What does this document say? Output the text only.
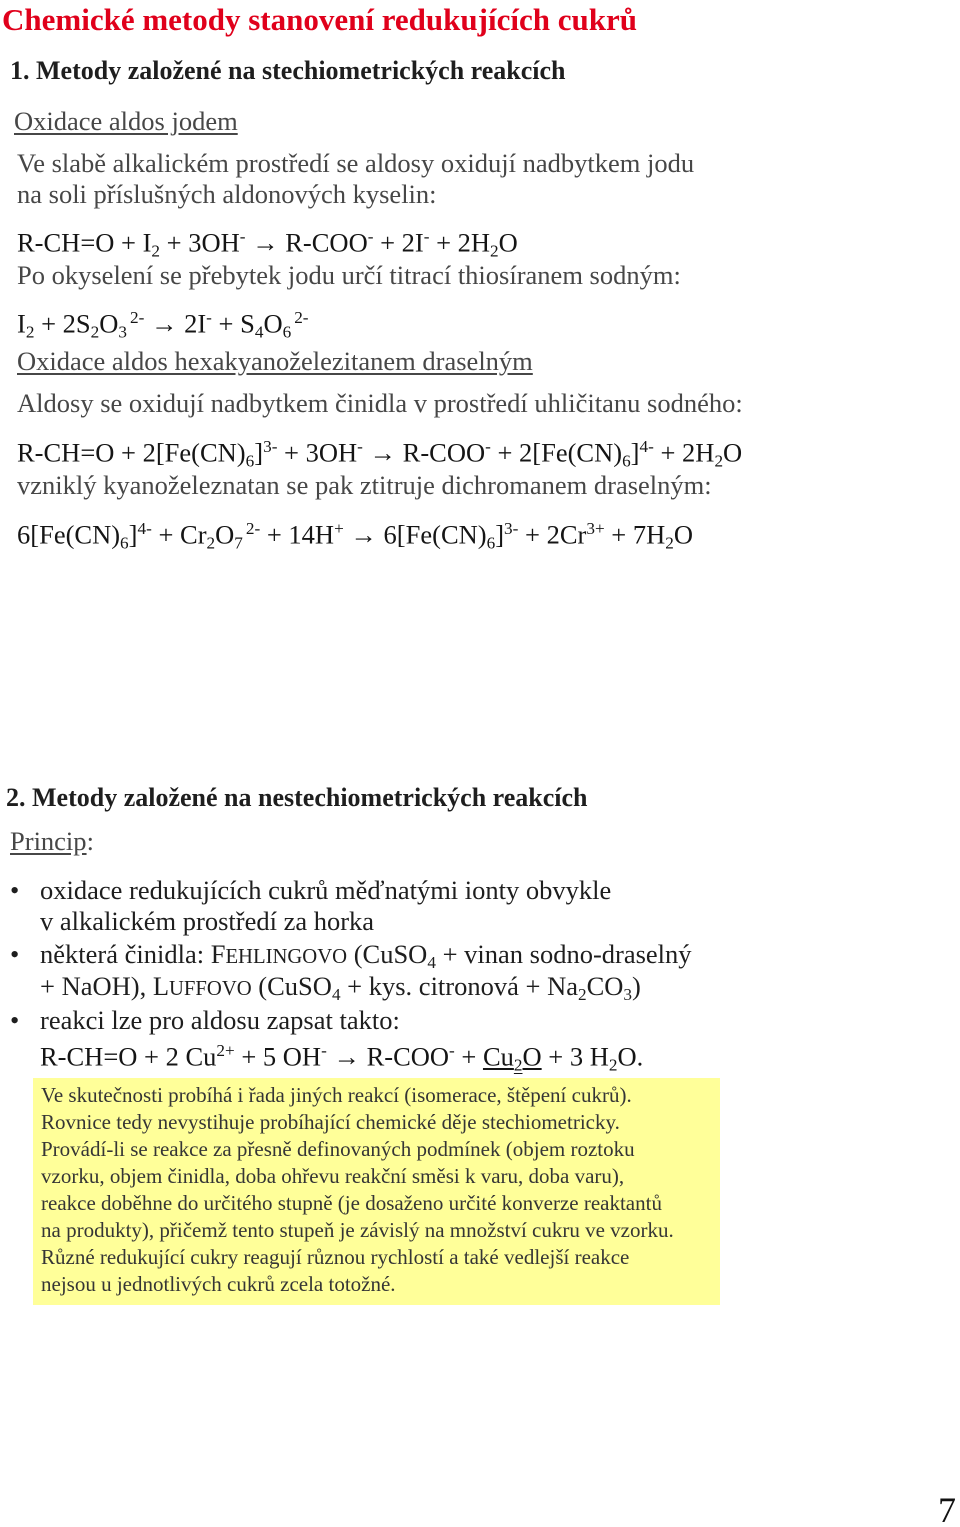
Chemické metody stanovení redukujících cukrů
1. Metody založené na stechiometrických reakcích
Oxidace aldos jodem
Ve slabě alkalickém prostředí se aldosy oxidují nadbytkem jodu
na soli příslušných aldonových kyselin:
$R-CH=O + I_2 + 3OH^- \to R-COO^- + 2I^- + 2H_2O$
Po okyselení se přebytek jodu určí titrací thiosíranem sodným:
$I_2 + 2S_2O_3^{2-} \to 2I^- + S_4O_6^{2-}$
Oxidace aldos hexakyanoželezitanem draselným
Aldosy se oxidují nadbytkem činidla v prostředí uhličitanu sodného:
$R-CH=O + 2[Fe(CN)_6]^{3-} + 3OH^- \to R-COO^- + 2[Fe(CN)_6]^{4-} + 2H_2O$
vzniklý kyanoželeznatan se pak ztitruje dichromanem draselným:
$6[Fe(CN)_6]^{4-} + Cr_2O_7^{2-} + 14H^+ \to 6[Fe(CN)_6]^{3-} + 2Cr^{3+} + 7H_2O$
2. Metody založené na nestechiometrických reakcích
Princip:
• oxidace redukujících cukrů měďnatými ionty obvykle
v alkalickém prostředí za horka
• některá činidla: FEHLINGOVO (CuSO$_4$ + vinan sodno-draselný
+ NaOH), LUFFOVO (CuSO$_4$ + kys. citronová + $Na_2CO_3$)
• reakci lze pro aldosu zapsat takto:
R-CH=O + 2 $Cu^{2+} + 5$ $OH^- \to R-COO^- + Cu_2O + 3$ $H_2O$.
Ve skutečnosti probíhá i řada jiných reakcí (isomerace, štěpení cukrů).
Rovnice tedy nevystihuje probíhající chemické děje stechiometricky.
Provádí-li se reakce za přesně definovaných podmínek (objem roztoku
vzorku, objem činidla, doba ohřevu reakční směsi k varu, doba varu),
reakce doběhne do určitého stupně (je dosaženo určité konverze reaktantů
na produkty), přičemž tento stupeň je závislý na množství cukru ve vzorku.
Různé redukující cukry reagují různou rychlostí a také vedlejší reakce
nejsou u jednotlivých cukrů zcela totožné.
7
